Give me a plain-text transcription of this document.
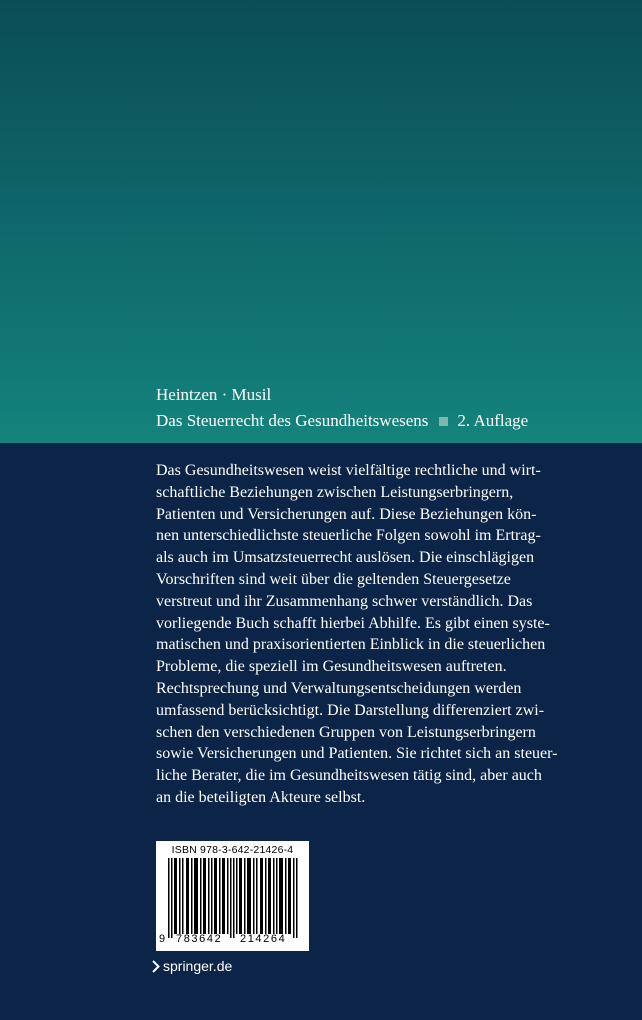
Heintzen · Musil
Das Steuerrecht des Gesundheitswesens 2. Auflage
Das Gesundheitswesen weist vielfältige rechtliche und wirt-
schaftliche Beziehungen zwischen Leistungserbringern,
Patienten und Versicherungen auf. Diese Beziehungen kön-
nen unterschiedlichste steuerliche Folgen sowohl im Ertrag-
als auch im Umsatzsteuerrecht auslösen. Die einschlägigen
Vorschriften sind weit über die geltenden Steuergesetze
verstreut und ihr Zusammenhang schwer verständlich. Das
vorliegende Buch schafft hierbei Abhilfe. Es gibt einen syste-
matischen und praxisorientierten Einblick in die steuerlichen
Probleme, die speziell im Gesundheitswesen auftreten.
Rechtsprechung und Verwaltungsentscheidungen werden
umfassend berücksichtigt. Die Darstellung differenziert zwi-
schen den verschiedenen Gruppen von Leistungserbringern
sowie Versicherungen und Patienten. Sie richtet sich an steuer-
liche Berater, die im Gesundheitswesen tätig sind, aber auch
an die beteiligten Akteure selbst.
ISBN 978-3-642-21426-4
9 783642 214264
springer.de
